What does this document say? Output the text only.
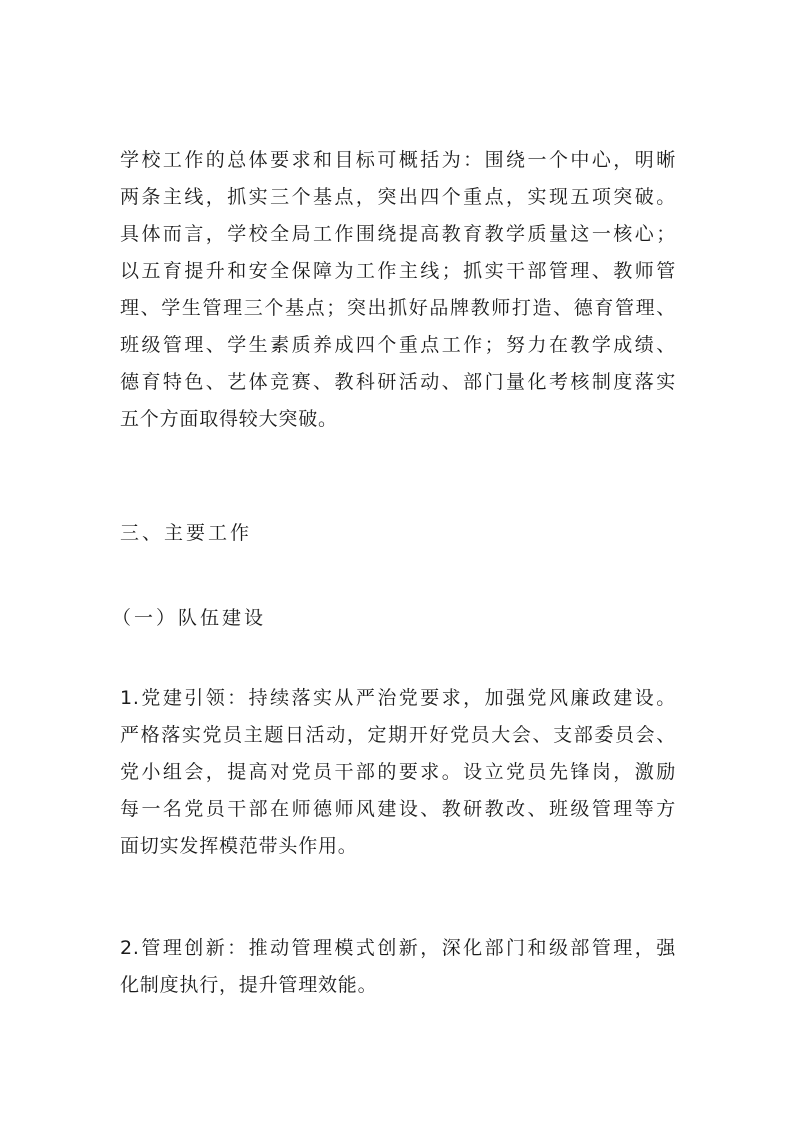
学校工作的总体要求和目标可概括为：围绕一个中心，明晰
两条主线，抓实三个基点，突出四个重点，实现五项突破。
具体而言，学校全局工作围绕提高教育教学质量这一核心；
以五育提升和安全保障为工作主线；抓实干部管理、教师管
理、学生管理三个基点；突出抓好品牌教师打造、德育管理、
班级管理、学生素质养成四个重点工作；努力在教学成绩、
德育特色、艺体竞赛、教科研活动、部门量化考核制度落实
五个方面取得较大突破。
三、主要工作
（一）队伍建设
1.党建引领：持续落实从严治党要求，加强党风廉政建设。
严格落实党员主题日活动，定期开好党员大会、支部委员会、
党小组会，提高对党员干部的要求。设立党员先锋岗，激励
每一名党员干部在师德师风建设、教研教改、班级管理等方
面切实发挥模范带头作用。
2.管理创新：推动管理模式创新，深化部门和级部管理，强
化制度执行，提升管理效能。
